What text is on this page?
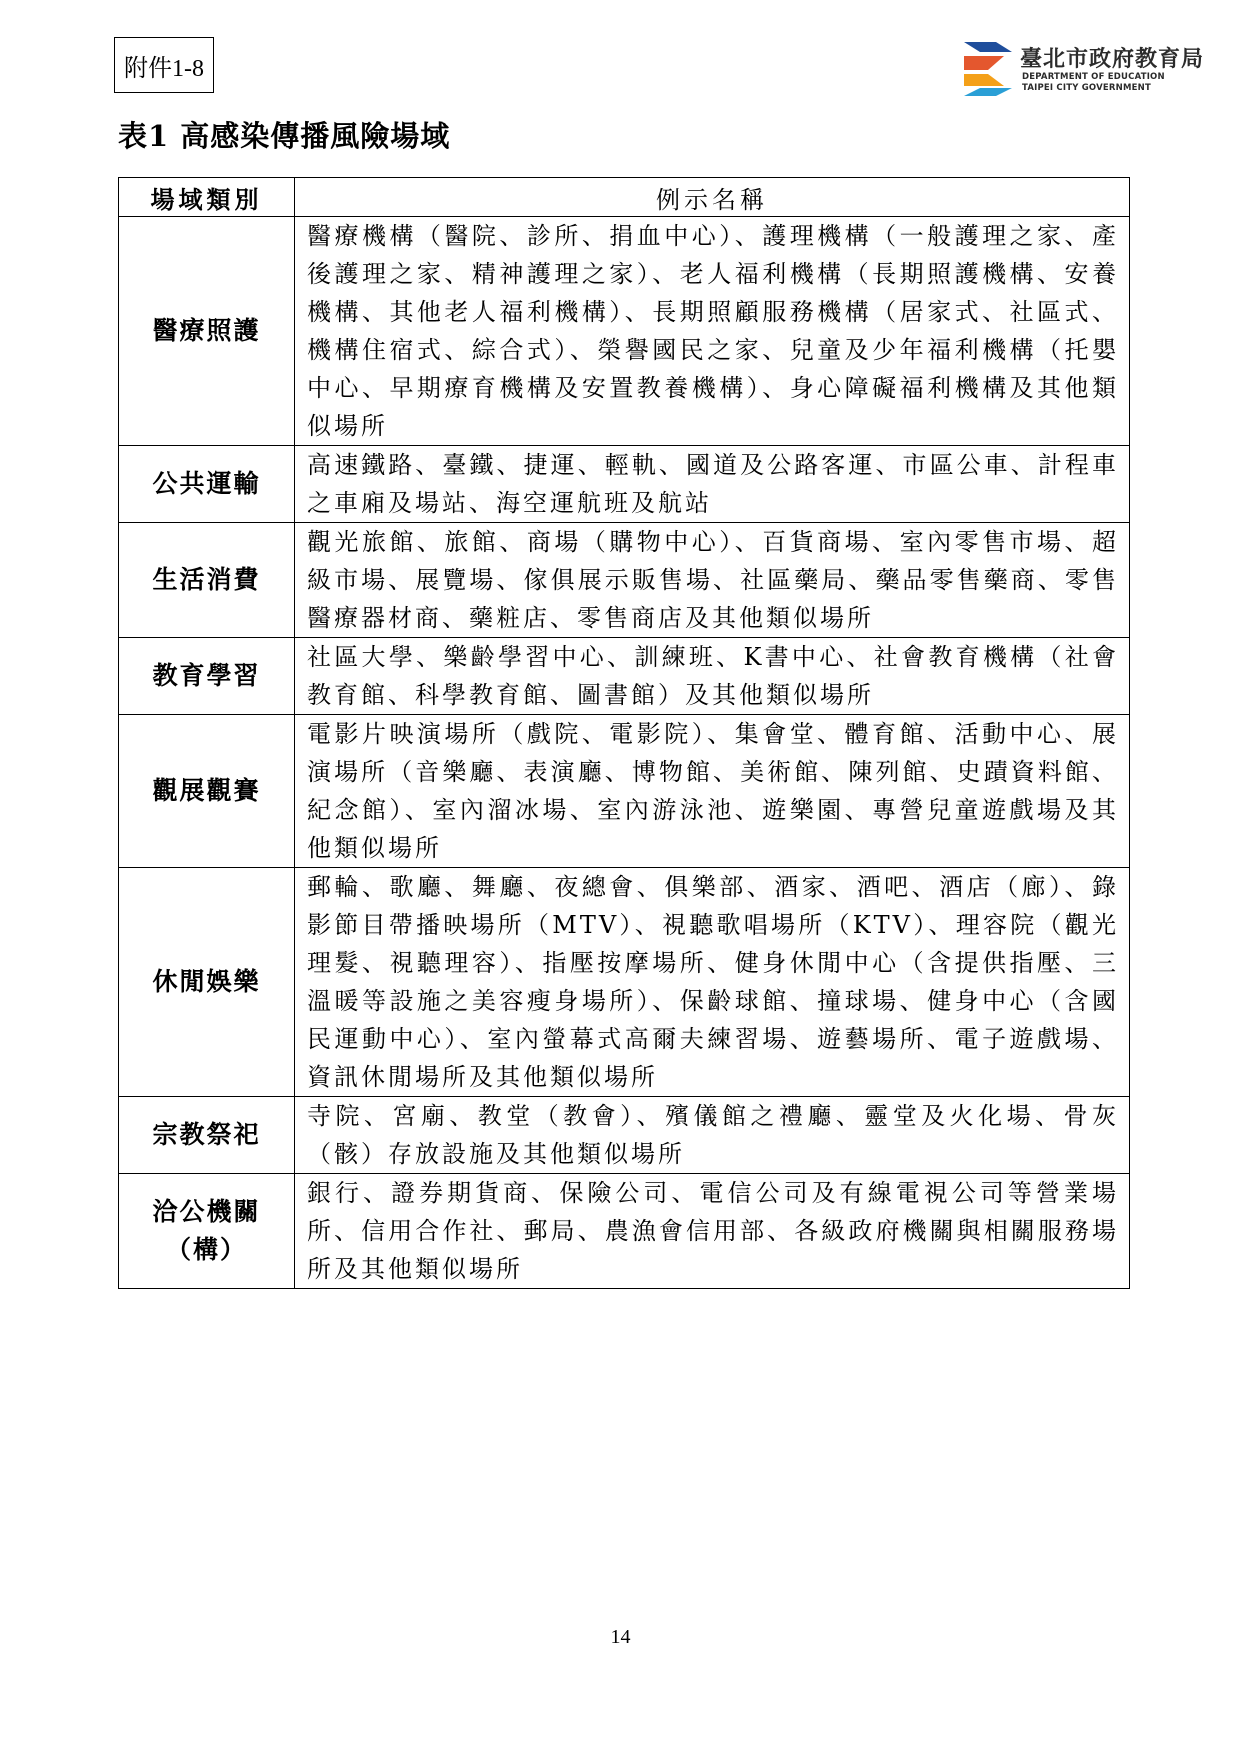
附件1-8	臺北市政府教育局
DEPARTMENT OF EDUCATION
TAIPEI CITY GOVERNMENT
表1 高感染傳播風險場域
場域類別	例示名稱
醫療照護	醫療機構（醫院、診所、捐血中心）、護理機構（一般護理之家、產後護理之家、精神護理之家）、老人福利機構（長期照護機構、安養機構、其他老人福利機構）、長期照顧服務機構（居家式、社區式、機構住宿式、綜合式）、榮譽國民之家、兒童及少年福利機構（托嬰中心、早期療育機構及安置教養機構）、身心障礙福利機構及其他類似場所
公共運輸	高速鐵路、臺鐵、捷運、輕軌、國道及公路客運、市區公車、計程車之車廂及場站、海空運航班及航站
生活消費	觀光旅館、旅館、商場（購物中心）、百貨商場、室內零售市場、超級市場、展覽場、傢俱展示販售場、社區藥局、藥品零售藥商、零售醫療器材商、藥粧店、零售商店及其他類似場所
教育學習	社區大學、樂齡學習中心、訓練班、K書中心、社會教育機構（社會教育館、科學教育館、圖書館）及其他類似場所
觀展觀賽	電影片映演場所（戲院、電影院）、集會堂、體育館、活動中心、展演場所（音樂廳、表演廳、博物館、美術館、陳列館、史蹟資料館、紀念館）、室內溜冰場、室內游泳池、遊樂園、專營兒童遊戲場及其他類似場所
休閒娛樂	郵輪、歌廳、舞廳、夜總會、俱樂部、酒家、酒吧、酒店（廊）、錄影節目帶播映場所（MTV）、視聽歌唱場所（KTV）、理容院（觀光理髮、視聽理容）、指壓按摩場所、健身休閒中心（含提供指壓、三溫暖等設施之美容瘦身場所）、保齡球館、撞球場、健身中心（含國民運動中心）、室內螢幕式高爾夫練習場、遊藝場所、電子遊戲場、資訊休閒場所及其他類似場所
宗教祭祀	寺院、宮廟、教堂（教會）、殯儀館之禮廳、靈堂及火化場、骨灰（骸）存放設施及其他類似場所
洽公機關（構）	銀行、證券期貨商、保險公司、電信公司及有線電視公司等營業場所、信用合作社、郵局、農漁會信用部、各級政府機關與相關服務場所及其他類似場所
14
